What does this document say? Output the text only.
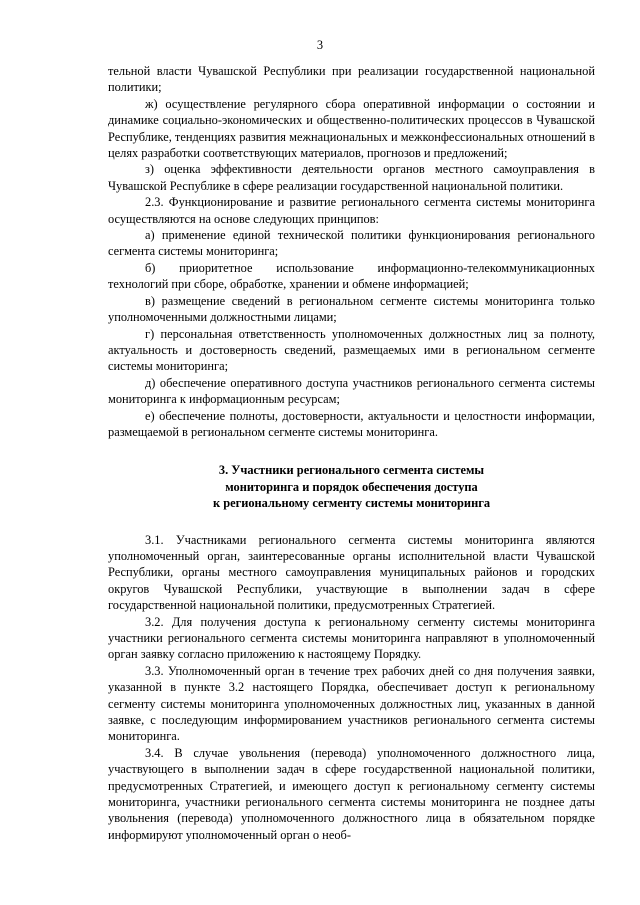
3

тельной власти Чувашской Республики при реализации государственной национальной политики;

ж) осуществление регулярного сбора оперативной информации о состоянии и динамике социально-экономических и общественно-политических процессов в Чувашской Республике, тенденциях развития межнациональных и межконфессиональных отношений в целях разработки соответствующих материалов, прогнозов и предложений;

з) оценка эффективности деятельности органов местного самоуправления в Чувашской Республике в сфере реализации государственной национальной политики.

2.3. Функционирование и развитие регионального сегмента системы мониторинга осуществляются на основе следующих принципов:

а) применение единой технической политики функционирования регионального сегмента системы мониторинга;

б) приоритетное использование информационно-телекоммуникационных технологий при сборе, обработке, хранении и обмене информацией;

в) размещение сведений в региональном сегменте системы мониторинга только уполномоченными должностными лицами;

г) персональная ответственность уполномоченных должностных лиц за полноту, актуальность и достоверность сведений, размещаемых ими в региональном сегменте системы мониторинга;

д) обеспечение оперативного доступа участников регионального сегмента системы мониторинга к информационным ресурсам;

е) обеспечение полноты, достоверности, актуальности и целостности информации, размещаемой в региональном сегменте системы мониторинга.

3. Участники регионального сегмента системы
мониторинга и порядок обеспечения доступа
к региональному сегменту системы мониторинга

3.1. Участниками регионального сегмента системы мониторинга являются уполномоченный орган, заинтересованные органы исполнительной власти Чувашской Республики, органы местного самоуправления муниципальных районов и городских округов Чувашской Республики, участвующие в выполнении задач в сфере государственной национальной политики, предусмотренных Стратегией.

3.2. Для получения доступа к региональному сегменту системы мониторинга участники регионального сегмента системы мониторинга направляют в уполномоченный орган заявку согласно приложению к настоящему Порядку.

3.3. Уполномоченный орган в течение трех рабочих дней со дня получения заявки, указанной в пункте 3.2 настоящего Порядка, обеспечивает доступ к региональному сегменту системы мониторинга уполномоченных должностных лиц, указанных в данной заявке, с последующим информированием участников регионального сегмента системы мониторинга.

3.4. В случае увольнения (перевода) уполномоченного должностного лица, участвующего в выполнении задач в сфере государственной национальной политики, предусмотренных Стратегией, и имеющего доступ к региональному сегменту системы мониторинга, участники регионального сегмента системы мониторинга не позднее даты увольнения (перевода) уполномоченного должностного лица в обязательном порядке информируют уполномоченный орган о необ-
